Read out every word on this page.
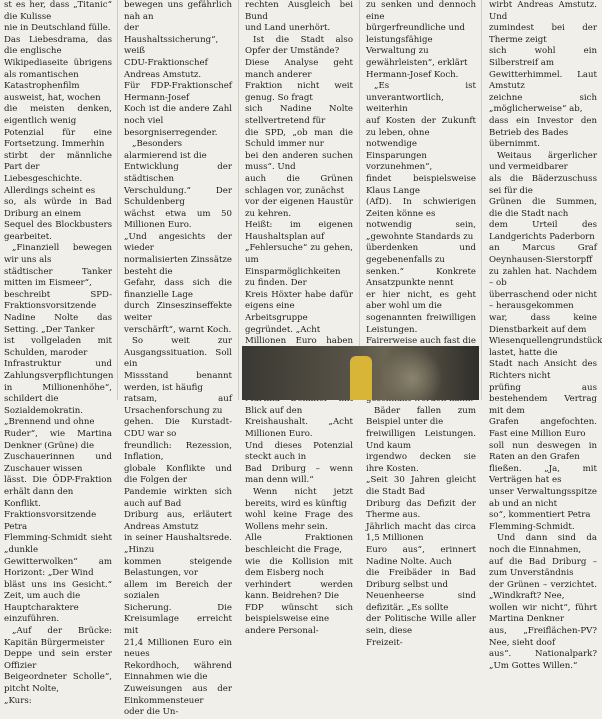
st es her, dass „Titanic“ die Kulisse
nie in Deutschland fülle.
Das Liebesdrama, das die englische
Wikipediaseite übrigens als romantischen
Katastrophenfilm ausweist, hat, wochen
die meisten denken, eigentlich wenig
Potenzial für eine Fortsetzung. Immerhin
stirbt der männliche Part der
Liebesgeschichte. Allerdings scheint es
so, als würde in Bad Driburg an einem
Sequel des Blockbusters gearbeitet.

„Finanziell bewegen wir uns als
städtischer Tanker mitten im Eismeer“,
beschreibt SPD-Fraktionsvorsitzende
Nadine Nolte das Setting. „Der Tanker
ist vollgeladen mit Schulden, maroder
Infrastruktur und Zahlungsverpflichtungen
in Millionenhöhe“, schildert die
Sozialdemokratin. „Brennend und ohne
Ruder“, wie Martina Denkner (Grüne) die
Zuschauerinnen und Zuschauer wissen
lässt. Die ÖDP-Fraktion erhält dann den
Konflikt. Fraktionsvorsitzende Petra
Flemming-Schmidt sieht „dunkle
Gewitterwolken“ am Horizont: „Der Wind
bläst uns ins Gesicht.“ Zeit, um auch die
Hauptcharaktere einzuführen.

„Auf der Brücke: Kapitän Bürgermeister
Deppe und sein erster Offizier
Beigeordneter Scholle“, pitcht Nolte,
„Kurs:

bewegen uns gefährlich nah an
der Haushaltssicherung“, weiß
CDU-Fraktionschef Andreas Amstutz.
Für FDP-Fraktionschef Hermann-Josef
Koch ist die andere Zahl noch viel
besorgniserregender.

„Besonders alarmierend ist die
Entwicklung der städtischen
Verschuldung.“ Der Schuldenberg
wächst etwa um 50 Millionen Euro.
„Und angesichts der wieder
normalisierten Zinssätze besteht die
Gefahr, dass sich die finanzielle Lage
durch Zinseszinseffekte weiter
verschärft“, warnt Koch.

So weit zur Ausgangssituation. Soll ein
Missstand benannt werden, ist häufig
ratsam, auf Ursachenforschung zu
gehen. Die Kurstadt-CDU war so
freundlich: Rezession, Inflation,
globale Konflikte und die Folgen der
Pandemie wirkten sich auch auf Bad
Driburg aus, erläutert Andreas Amstutz
in seiner Haushaltsrede. „Hinzu
kommen steigende Belastungen, vor
allem im Bereich der sozialen
Sicherung. Die Kreisumlage erreicht mit
21,4 Millionen Euro ein neues
Rekordhoch, während Einnahmen wie die
Zuweisungen aus der Einkommensteuer
oder die Un-

rechten Ausgleich bei Bund
und Land unerhört.

Ist die Stadt also Opfer der Umstände?
Diese Analyse geht manch anderer
Fraktion nicht weit genug. So fragt
sich Nadine Nolte stellvertretend für
die SPD, „ob man die Schuld immer nur
bei den anderen suchen muss“. Und
auch die Grünen schlagen vor, zunächst
vor der eigenen Haustür zu kehren.
Heißt: im eigenen Haushaltsplan auf
„Fehlersuche“ zu gehen, um
Einsparmöglichkeiten zu finden. Der
Kreis Höxter habe dafür eigens eine
Arbeitsgruppe gegründet. „Acht
Millionen Euro haben

Blick auf den
Kreishaushalt. „Acht Millionen Euro.
Und dieses Potenzial steckt auch in
Bad Driburg – wenn man denn will.“

Wenn nicht jetzt bereits, wird es künftig
wohl keine Frage des Wollens mehr sein.
Alle Fraktionen beschleicht die Frage,
wie die Kollision mit dem Eisberg noch
verhindert werden kann. Beidrehen? Die
FDP wünscht sich beispielsweise eine
andere Personal-

zu senken und dennoch eine
bürgerfreundliche und
leistungsfähige Verwaltung zu
gewährleisten“, erklärt
Hermann-Josef Koch.

„Es ist unverantwortlich, weiterhin
auf Kosten der Zukunft zu leben, ohne
notwendige Einsparungen vorzunehmen“,
findet beispielsweise Klaus Lange
(AfD). In schwierigen Zeiten könne es
notwendig sein, „gewohnte Standards zu
überdenken und gegebenenfalls zu
senken.“ Konkrete Ansatzpunkte nennt
er hier nicht, es geht aber wohl um die
sogenannten freiwilligen Leistungen.
Fairerweise auch fast die

Bäder fallen zum Beispiel unter die
freiwilligen Leistungen. Und kaum
irgendwo decken sie ihre Kosten.
„Seit 30 Jahren gleicht die Stadt Bad
Driburg das Defizit der Therme aus.
Jährlich macht das circa 1,5 Millionen
Euro aus“, erinnert Nadine Nolte. Auch
die Freibäder in Bad Driburg selbst und
Neuenheerse sind defizitär. „Es sollte
der Politische Wille aller sein, diese
Freizeit-

wirbt Andreas Amstutz. Und
zumindest bei der Therme zeigt
sich wohl ein Silberstreif am
Gewitterhimmel. Laut Amstutz
zeichne sich „möglicherweise“ ab,
dass ein Investor den Betrieb des Bades
übernimmt.

Weitaus ärgerlicher und vermeidbarer
als die Bäderzuschuss sei für die
Grünen die Summen, die die Stadt nach
dem Urteil des Landgerichts Paderborn
an Marcus Graf Oeynhausen-Sierstorpff
zu zahlen hat. Nachdem – ob
überraschend oder nicht – herausgekommen
war, dass keine Dienstbarkeit auf dem
Wiesenquellengrundstück lastet, hatte die
Stadt nach Ansicht des Richters nicht
prüfing aus bestehendem Vertrag mit dem
Grafen angefochten. Fast eine Million Euro
soll nun deswegen in Raten an den Grafen
fließen. „Ja, mit Verträgen hat es
unser Verwaltungsspitze ab und an nicht
so“, kommentiert Petra
Flemming-Schmidt.

Und dann sind da noch die Einnahmen,
auf die Bad Driburg – zum Unverständnis
der Grünen – verzichtet. „Windkraft? Nee,
wollen wir nicht“, führt Martina Denkner
aus, „Freiflächen-PV? Nee, sieht doof
aus“. Nationalpark? „Um Gottes Willen.“
